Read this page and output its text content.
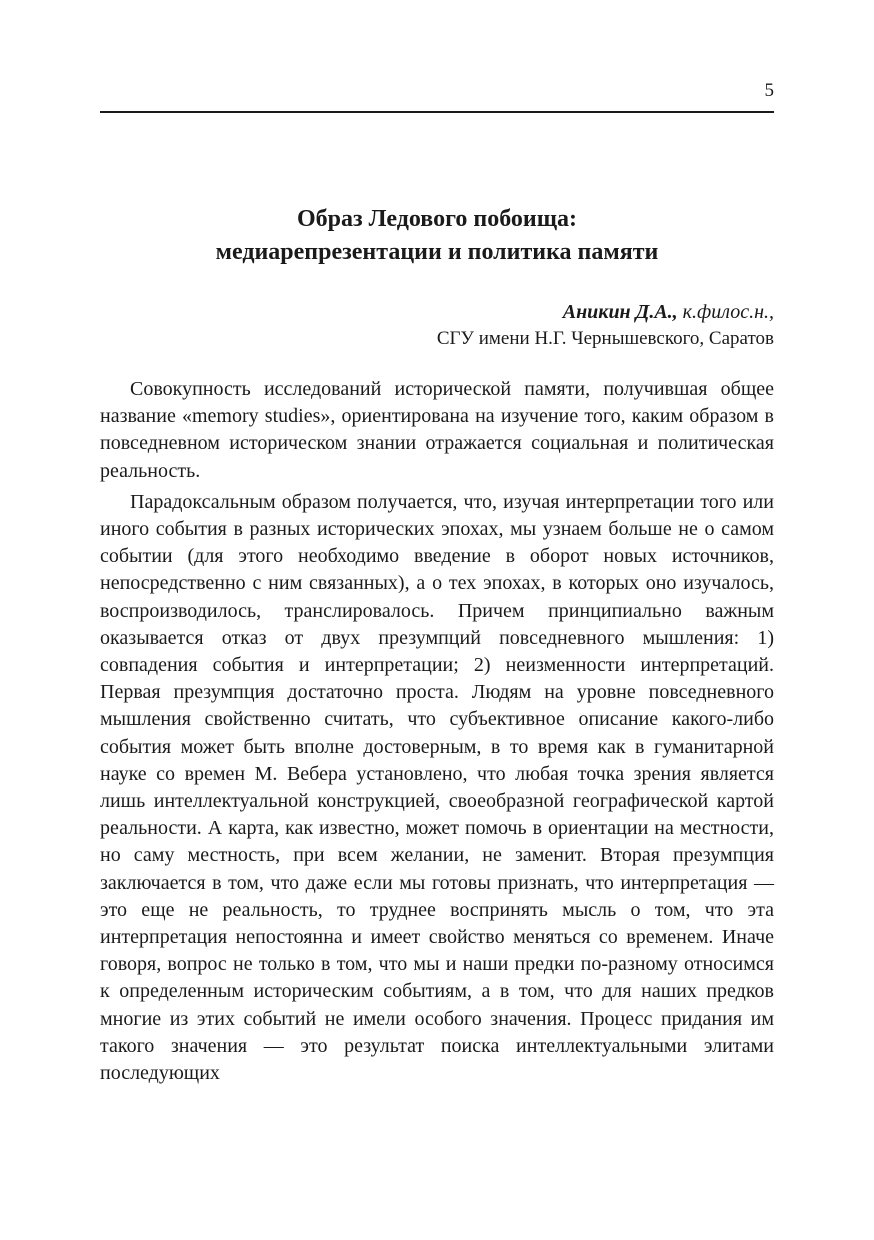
5
Образ Ледового побоища:
медиарепрезентации и политика памяти
Аникин Д.А., к.филос.н.,
СГУ имени Н.Г. Чернышевского, Саратов

Совокупность исследований исторической памяти, получившая общее название «memory studies», ориентирована на изучение того, каким образом в повседневном историческом знании отражается социальная и политическая реальность.

Парадоксальным образом получается, что, изучая интерпретации того или иного события в разных исторических эпохах, мы узнаем больше не о самом событии (для этого необходимо введение в оборот новых источников, непосредственно с ним связанных), а о тех эпохах, в которых оно изучалось, воспроизводилось, транслировалось. Причем принципиально важным оказывается отказ от двух презумпций повседневного мышления: 1) совпадения события и интерпретации; 2) неизменности интерпретаций. Первая презумпция достаточно проста. Людям на уровне повседневного мышления свойственно считать, что субъективное описание какого-либо события может быть вполне достоверным, в то время как в гуманитарной науке со времен М. Вебера установлено, что любая точка зрения является лишь интеллектуальной конструкцией, своеобразной географической картой реальности. А карта, как известно, может помочь в ориентации на местности, но саму местность, при всем желании, не заменит. Вторая презумпция заключается в том, что даже если мы готовы признать, что интерпретация — это еще не реальность, то труднее воспринять мысль о том, что эта интерпретация непостоянна и имеет свойство меняться со временем. Иначе говоря, вопрос не только в том, что мы и наши предки по-разному относимся к определенным историческим событиям, а в том, что для наших предков многие из этих событий не имели особого значения. Процесс придания им такого значения — это результат поиска интеллектуальными элитами последующих
